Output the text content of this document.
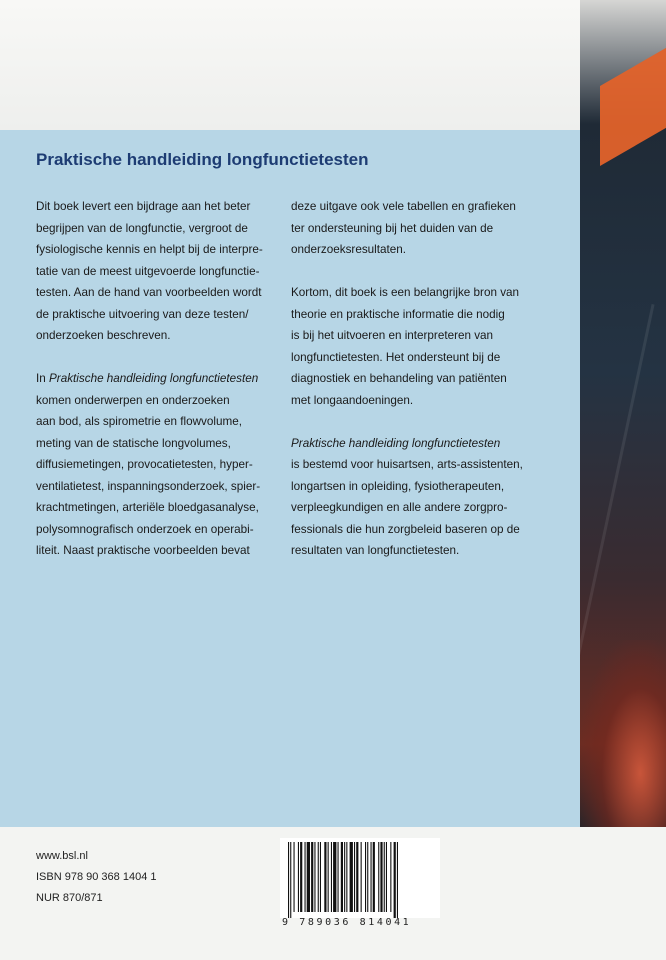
Praktische handleiding longfunctietesten
Dit boek levert een bijdrage aan het beter
begrijpen van de longfunctie, vergroot de
fysiologische kennis en helpt bij de interpre-
tatie van de meest uitgevoerde longfunctie-
testen. Aan de hand van voorbeelden wordt
de praktische uitvoering van deze testen/
onderzoeken beschreven.
In Praktische handleiding longfunctietesten
komen onderwerpen en onderzoeken
aan bod, als spirometrie en flowvolume,
meting van de statische longvolumes,
diffusiemetingen, provocatietesten, hyper-
ventilatietest, inspanningsonderzoek, spier-
krachtmetingen, arteriële bloedgasanalyse,
polysomnografisch onderzoek en operabi-
liteit. Naast praktische voorbeelden bevat
deze uitgave ook vele tabellen en grafieken
ter ondersteuning bij het duiden van de
onderzoeksresultaten.
Kortom, dit boek is een belangrijke bron van
theorie en praktische informatie die nodig
is bij het uitvoeren en interpreteren van
longfunctietesten. Het ondersteunt bij de
diagnostiek en behandeling van patiënten
met longaandoeningen.
Praktische handleiding longfunctietesten
is bestemd voor huisartsen, arts-assistenten,
longartsen in opleiding, fysiotherapeuten,
verpleegkundigen en alle andere zorgpro-
fessionals die hun zorgbeleid baseren op de
resultaten van longfunctietesten.
www.bsl.nl
ISBN 978 90 368 1404 1
NUR 870/871
9 789036 814041
